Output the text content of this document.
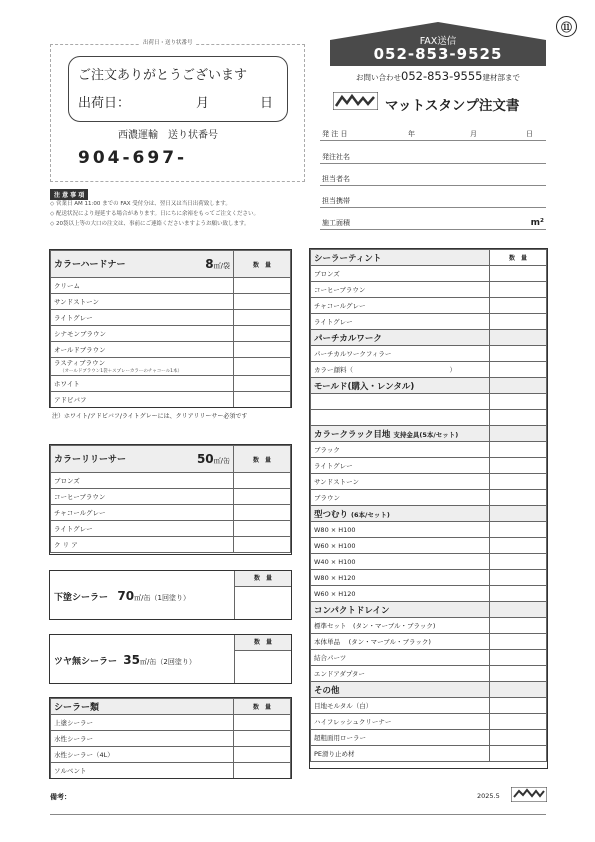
⑪
出荷日・送り状番号
ご注文ありがとうございます
出荷日：	月	日
西濃運輸　送り状番号
904-697-
FAX送信
052-853-9525
お問い合わせ052-853-9555建材部まで
マットスタンプ注文書
発 注 日	年	月	日
発注社名
担当者名
担当携帯
施工面積	m²
注 意 事 項
◇ 営業日 AM 11:00 までの FAX 受付分は、翌日又は当日出荷致します。
◇ 配送状況により遅延する場合があります。日にちに余裕をもってご注文ください。
◇ 20袋以上等の大口の注文は、事前にご連絡くださいますようお願い致します。
カラーハードナー 8㎡/袋	数　量
クリーム	
サンドストーン	
ライトグレー	
シナモンブラウン	
オールドブラウン	
ラスティブラウン（オールドブラウン1袋＋スプレーカラーのチャコール1本）	
ホワイト	
アドビバフ	
注）ホワイト/アドビバフ/ライトグレーには、クリアリリーサー必須です
カラーリリーサー 50㎡/缶	数　量
ブロンズ	
コーヒーブラウン	
チャコールグレー	
ライトグレー	
ク リ ア	
下塗シーラー 70㎡/缶（1回塗り）
数　量
ツヤ無シーラー 35㎡/缶（2回塗り）
数　量
シーラー類	数　量
上塗シーラー	
水性シーラー	
水性シーラー（4L）	
ソルベント	
シーラーティント	数　量
ブロンズ	
コーヒーブラウン	
チャコールグレー	
ライトグレー	
パーチカルワーク	
パーチカルワークフィラー	
カラー顔料（ ）	

モールド(購入・レンタル)	

カラークラック目地 支持金具(5本/セット)	
ブラック	
ライトグレー	
サンドストーン	
ブラウン	
型つむり (6本/セット)	
W80 × H100	
W60 × H100	
W40 × H100	
W80 × H120	
W60 × H120	
コンパクトドレイン	
標準セット　(タン・マーブル・ブラック)	
本体単品　 (タン・マーブル・ブラック)	
結合パーツ	
エンドアダプター	
その他	
目地モルタル（白）	
ハイフレッシュクリーナー	
超粗面用ローラー	
PE滑り止め材	
備考：	2025.5
